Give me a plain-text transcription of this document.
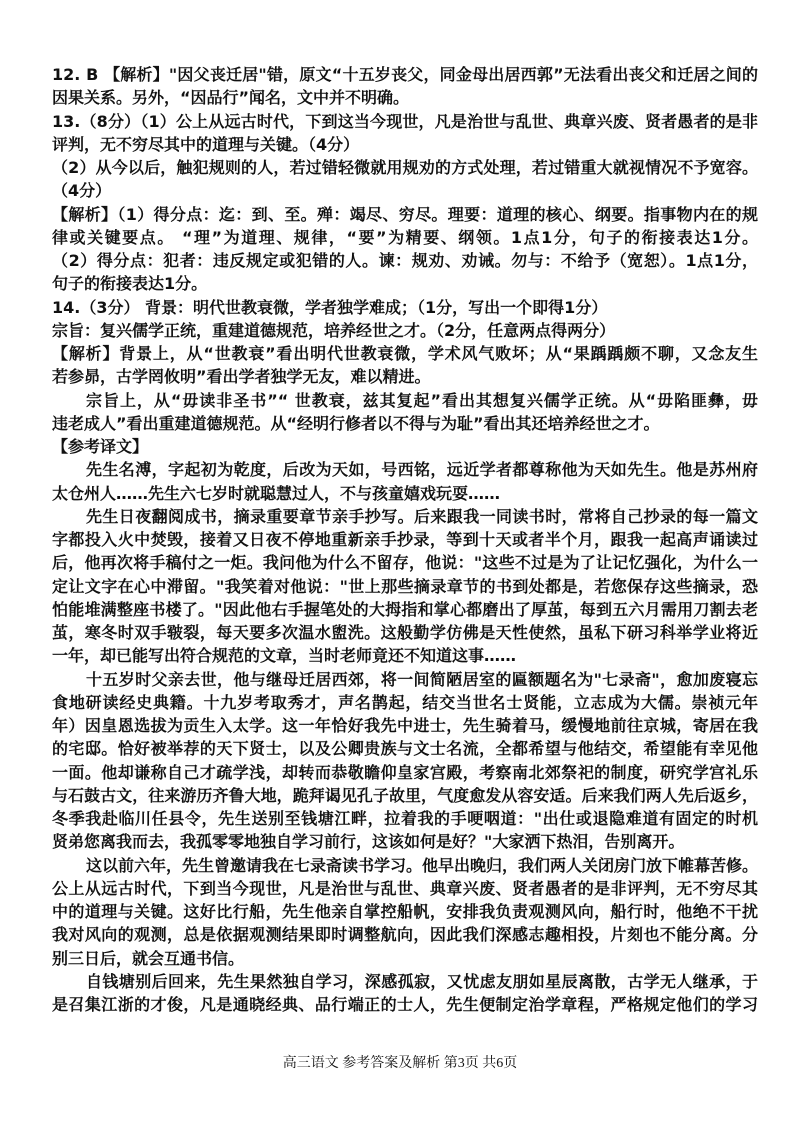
12. B 【解析】"因父丧迁居"错，原文“十五岁丧父，同金母出居西郭”无法看出丧父和迁居之间的
因果关系。另外，“因品行”闻名，文中并不明确。
13.（8分）（1）公上从远古时代，下到这当今现世，凡是治世与乱世、典章兴废、贤者愚者的是非
评判，无不穷尽其中的道理与关键。（4分）
（2）从今以后，触犯规则的人，若过错轻微就用规劝的方式处理，若过错重大就视情况不予宽容。
（4分）
【解析】（1）得分点：迄：到、至。殚：竭尽、穷尽。理要：道理的核心、纲要。指事物内在的规
律或关键要点。 “理”为道理、规律，“要”为精要、纲领。1点1分，句子的衔接表达1分。
（2）得分点：犯者：违反规定或犯错的人。谏：规劝、劝诫。勿与：不给予（宽恕）。1点1分，
句子的衔接表达1分。
14.（3分） 背景：明代世教衰微，学者独学难成；（1分，写出一个即得1分）
宗旨：复兴儒学正统，重建道德规范，培养经世之才。（2分，任意两点得两分）
【解析】背景上，从“世教衰”看出明代世教衰微，学术风气败坏；从“果踽踽颇不聊，又念友生
若参昴，古学罔攸明”看出学者独学无友，难以精进。
宗旨上，从“毋读非圣书”“ 世教衰，兹其复起”看出其想复兴儒学正统。从“毋陷匪彝，毋
违老成人”看出重建道德规范。从“经明行修者以不得与为耻”看出其还培养经世之才。
【参考译文】
先生名溥，字起初为乾度，后改为天如，号西铭，远近学者都尊称他为天如先生。他是苏州府
太仓州人……先生六七岁时就聪慧过人，不与孩童嬉戏玩耍……
先生日夜翻阅成书，摘录重要章节亲手抄写。后来跟我一同读书时，常将自己抄录的每一篇文
字都投入火中焚毁，接着又日夜不停地重新亲手抄录，等到十天或者半个月，跟我一起高声诵读过
后，他再次将手稿付之一炬。我问他为什么不留存，他说："这些不过是为了让记忆强化，为什么一
定让文字在心中滞留。"我笑着对他说："世上那些摘录章节的书到处都是，若您保存这些摘录，恐
怕能堆满整座书楼了。"因此他右手握笔处的大拇指和掌心都磨出了厚茧，每到五六月需用刀割去老
茧，寒冬时双手皲裂，每天要多次温水盥洗。这般勤学仿佛是天性使然，虽私下研习科举学业将近
一年，却已能写出符合规范的文章，当时老师竟还不知道这事……
十五岁时父亲去世，他与继母迁居西郊，将一间简陋居室的匾额题名为"七录斋"，愈加废寝忘
食地研读经史典籍。十九岁考取秀才，声名鹊起，结交当世名士贤能，立志成为大儒。崇祯元年
年）因皇恩选拔为贡生入太学。这一年恰好我先中进士，先生骑着马，缓慢地前往京城，寄居在我
的宅邸。恰好被举荐的天下贤士，以及公卿贵族与文士名流，全都希望与他结交，希望能有幸见他
一面。他却谦称自己才疏学浅，却转而恭敬瞻仰皇家宫殿，考察南北郊祭祀的制度，研究学宫礼乐
与石鼓古文，往来游历齐鲁大地，跪拜谒见孔子故里，气度愈发从容安适。后来我们两人先后返乡，
冬季我赴临川任县令，先生送别至钱塘江畔，拉着我的手哽咽道："出仕或退隐难道有固定的时机
贤弟您离我而去，我孤零零地独自学习前行，这该如何是好？"大家洒下热泪，告别离开。
这以前六年，先生曾邀请我在七录斋读书学习。他早出晚归，我们两人关闭房门放下帷幕苦修。
公上从远古时代，下到当今现世，凡是治世与乱世、典章兴废、贤者愚者的是非评判，无不穷尽其
中的道理与关键。这好比行船，先生他亲自掌控船帆，安排我负责观测风向，船行时，他绝不干扰
我对风向的观测，总是依据观测结果即时调整航向，因此我们深感志趣相投，片刻也不能分离。分
别三日后，就会互通书信。
自钱塘别后回来，先生果然独自学习，深感孤寂，又忧虑友朋如星辰离散，古学无人继承，于
是召集江浙的才俊，凡是通晓经典、品行端正的士人，先生便制定治学章程，严格规定他们的学习
高三语文 参考答案及解析 第3页 共6页
